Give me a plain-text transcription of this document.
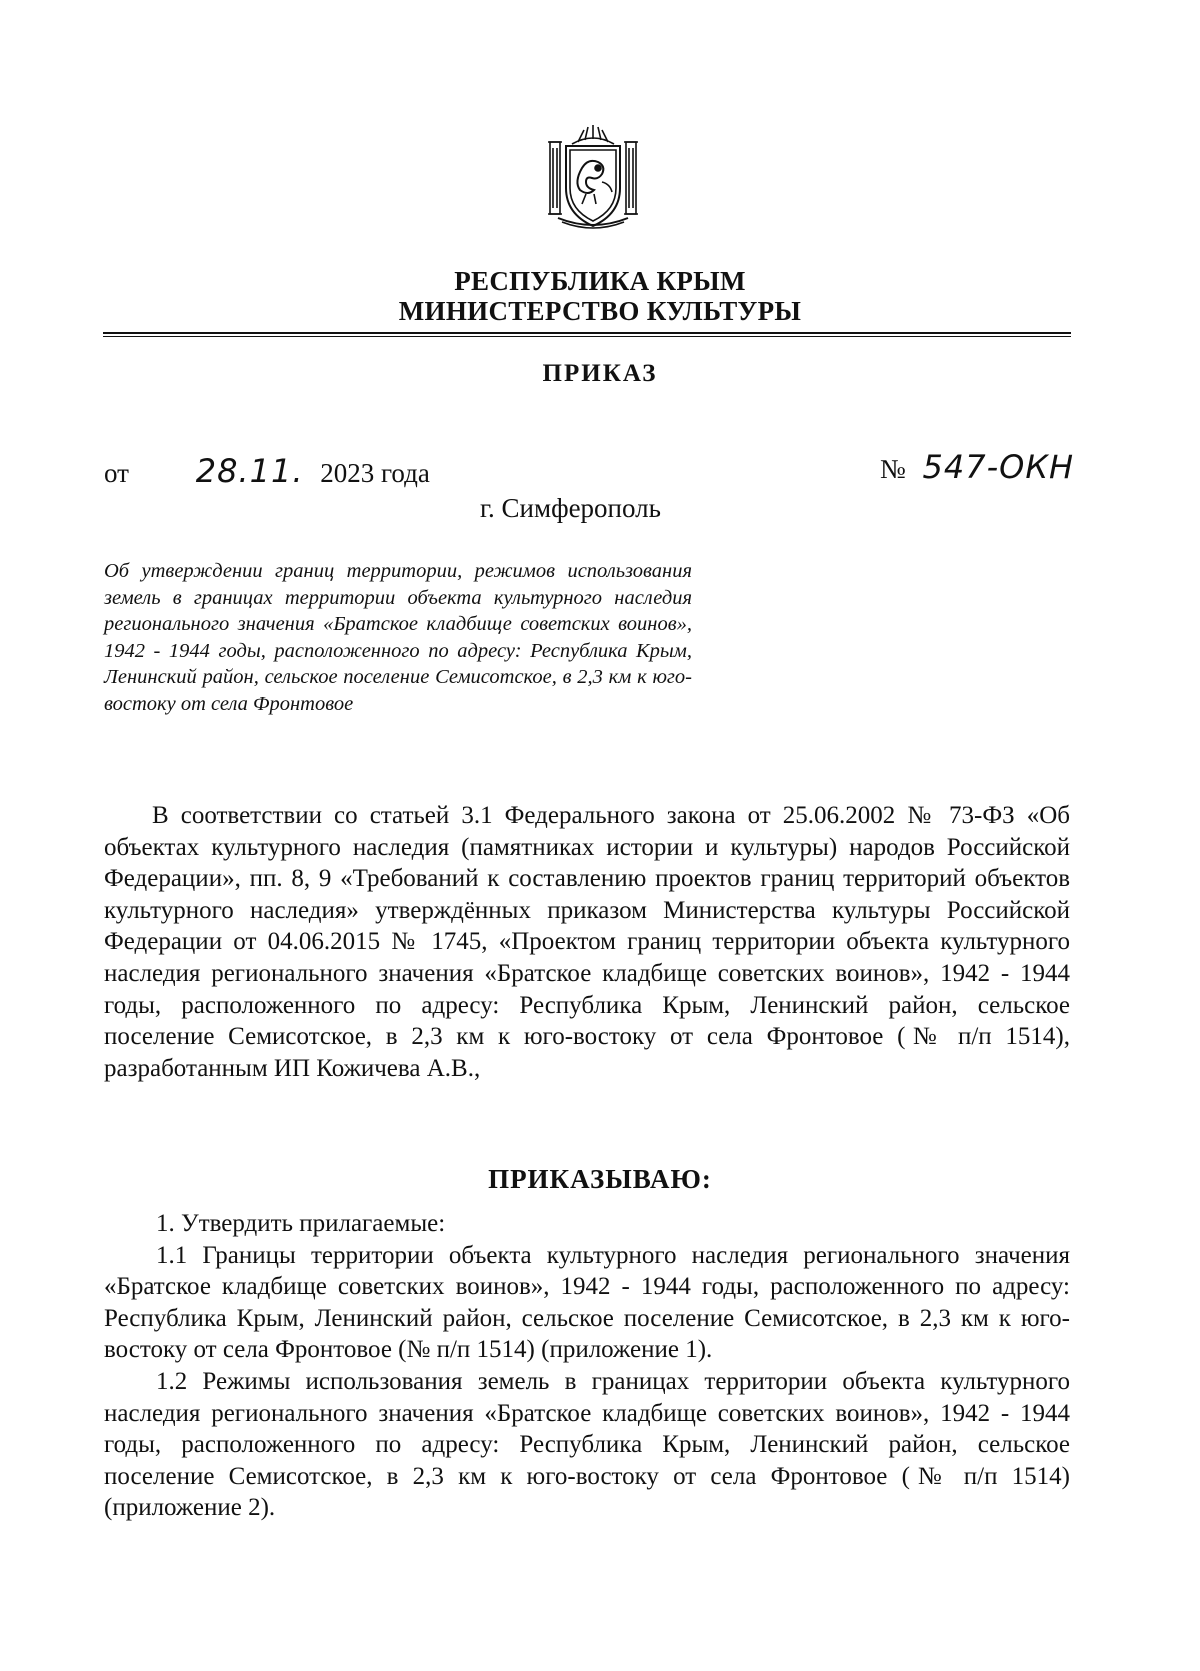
РЕСПУБЛИКА КРЫМ
МИНИСТЕРСТВО КУЛЬТУРЫ
ПРИКАЗ
от 28.11. 2023 года	№ 547-ОКН
г. Симферополь
Об утверждении границ территории, режимов использования земель в границах территории объекта культурного наследия регионального значения «Братское кладбище советских воинов», 1942 - 1944 годы, расположенного по адресу: Республика Крым, Ленинский район, сельское поселение Семисотское, в 2,3 км к юго-востоку от села Фронтовое

В соответствии со статьей 3.1 Федерального закона от 25.06.2002 № 73-ФЗ «Об объектах культурного наследия (памятниках истории и культуры) народов Российской Федерации», пп. 8, 9 «Требований к составлению проектов границ территорий объектов культурного наследия» утверждённых приказом Министерства культуры Российской Федерации от 04.06.2015 № 1745, «Проектом границ территории объекта культурного наследия регионального значения «Братское кладбище советских воинов», 1942 - 1944 годы, расположенного по адресу: Республика Крым, Ленинский район, сельское поселение Семисотское, в 2,3 км к юго-востоку от села Фронтовое (№ п/п 1514), разработанным ИП Кожичева А.В.,

ПРИКАЗЫВАЮ:

1. Утвердить прилагаемые:

1.1 Границы территории объекта культурного наследия регионального значения «Братское кладбище советских воинов», 1942 - 1944 годы, расположенного по адресу: Республика Крым, Ленинский район, сельское поселение Семисотское, в 2,3 км к юго-востоку от села Фронтовое (№ п/п 1514) (приложение 1).

1.2 Режимы использования земель в границах территории объекта культурного наследия регионального значения «Братское кладбище советских воинов», 1942 - 1944 годы, расположенного по адресу: Республика Крым, Ленинский район, сельское поселение Семисотское, в 2,3 км к юго-востоку от села Фронтовое (№ п/п 1514) (приложение 2).
